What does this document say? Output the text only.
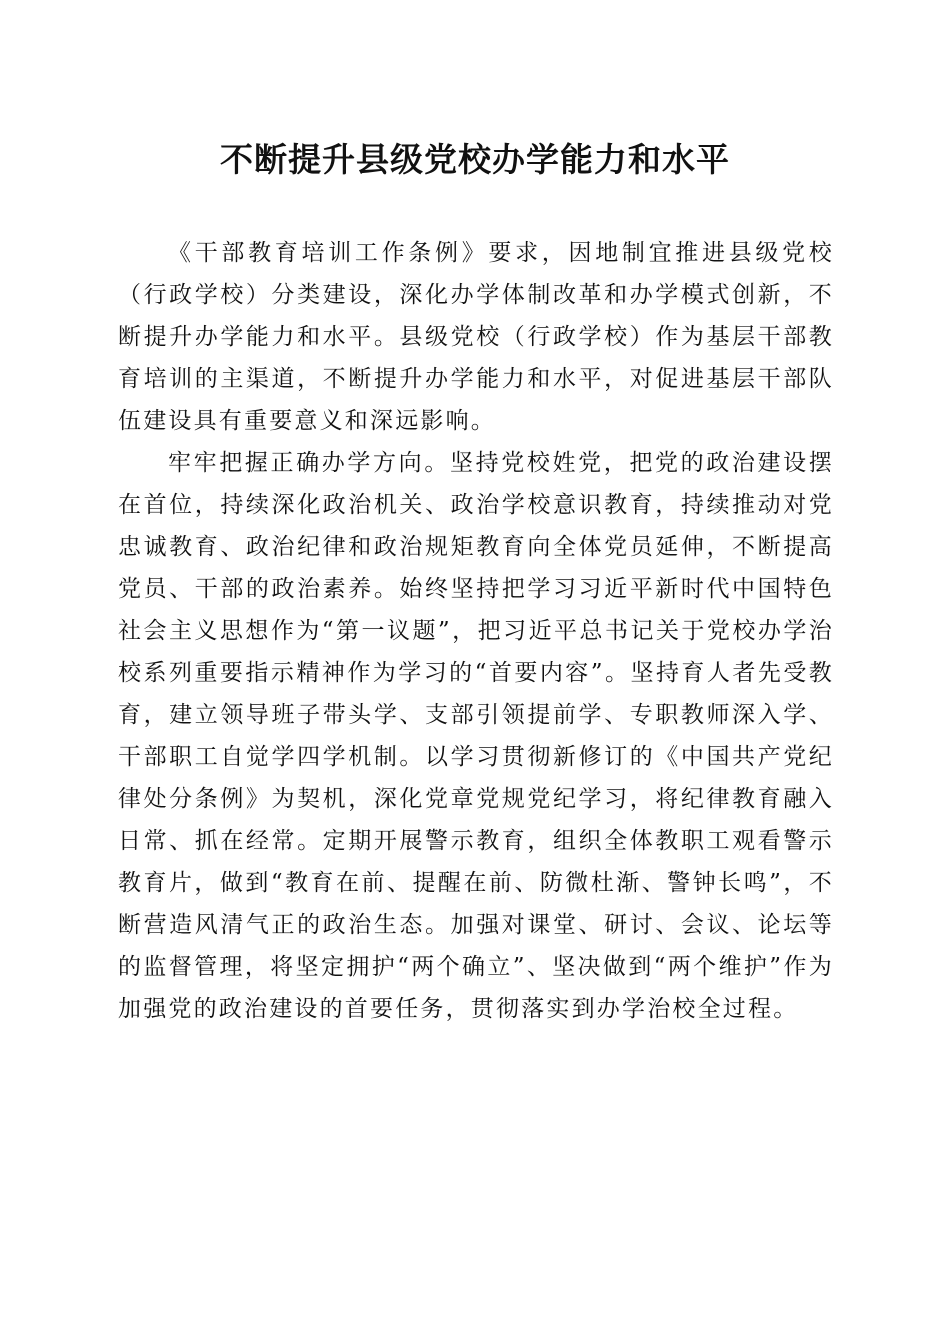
不断提升县级党校办学能力和水平

《干部教育培训工作条例》要求，因地制宜推进县级党校（行政学校）分类建设，深化办学体制改革和办学模式创新，不断提升办学能力和水平。县级党校（行政学校）作为基层干部教育培训的主渠道，不断提升办学能力和水平，对促进基层干部队伍建设具有重要意义和深远影响。

牢牢把握正确办学方向。坚持党校姓党，把党的政治建设摆在首位，持续深化政治机关、政治学校意识教育，持续推动对党忠诚教育、政治纪律和政治规矩教育向全体党员延伸，不断提高党员、干部的政治素养。始终坚持把学习习近平新时代中国特色社会主义思想作为“第一议题”，把习近平总书记关于党校办学治校系列重要指示精神作为学习的“首要内容”。坚持育人者先受教育，建立领导班子带头学、支部引领提前学、专职教师深入学、干部职工自觉学四学机制。以学习贯彻新修订的《中国共产党纪律处分条例》为契机，深化党章党规党纪学习，将纪律教育融入日常、抓在经常。定期开展警示教育，组织全体教职工观看警示教育片，做到“教育在前、提醒在前、防微杜渐、警钟长鸣”，不断营造风清气正的政治生态。加强对课堂、研讨、会议、论坛等的监督管理，将坚定拥护“两个确立”、坚决做到“两个维护”作为加强党的政治建设的首要任务，贯彻落实到办学治校全过程。
